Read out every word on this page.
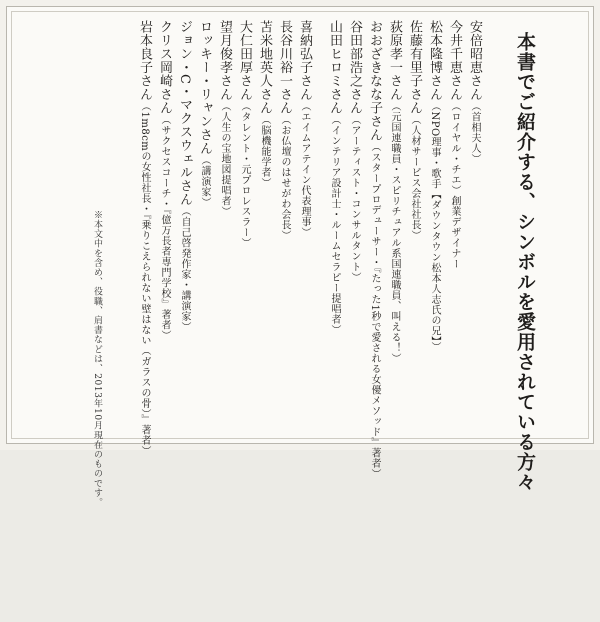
本書でご紹介する、シンボルを愛用されている方々
安倍昭恵さん（首相夫人）
今井千恵さん（ロイヤル・チエ）創業デザイナー
松本隆博さん（NPO理事・歌手【ダウンタウン松本人志氏の兄】）
佐藤有里子さん（人材サービス会社社長）
荻原孝一さん（元国連職員・スピリチュアル系国連職員、叫える！）
おおざきなな子さん（スタープロデューサー・『たった1秒で愛される女優メソッド』著者）
谷田部浩之さん（アーティスト・コンサルタント）
山田ヒロミさん（インテリア設計士・ルームセラピー提唱者）
喜納弘子さん（エイムアテイン代表理事）
長谷川裕一さん（お仏壇のはせがわ会長）
苫米地英人さん（脳機能学者）
大仁田厚さん（タレント・元プロレスラー）
望月俊孝さん（人生の宝地図提唱者）
ロッキー・リャンさん（講演家）
ジョン・C・マクスウェルさん（自己啓発作家・講演家）
クリス岡崎さん（サクセスコーチ・『億万長者専門学校』著者）
岩本良子さん（1m8cmの女性社長・『乗りこえられない壁はない（ガラスの骨）』著者）
※本文中を含め、役職、肩書などは、2013年10月現在のものです。
